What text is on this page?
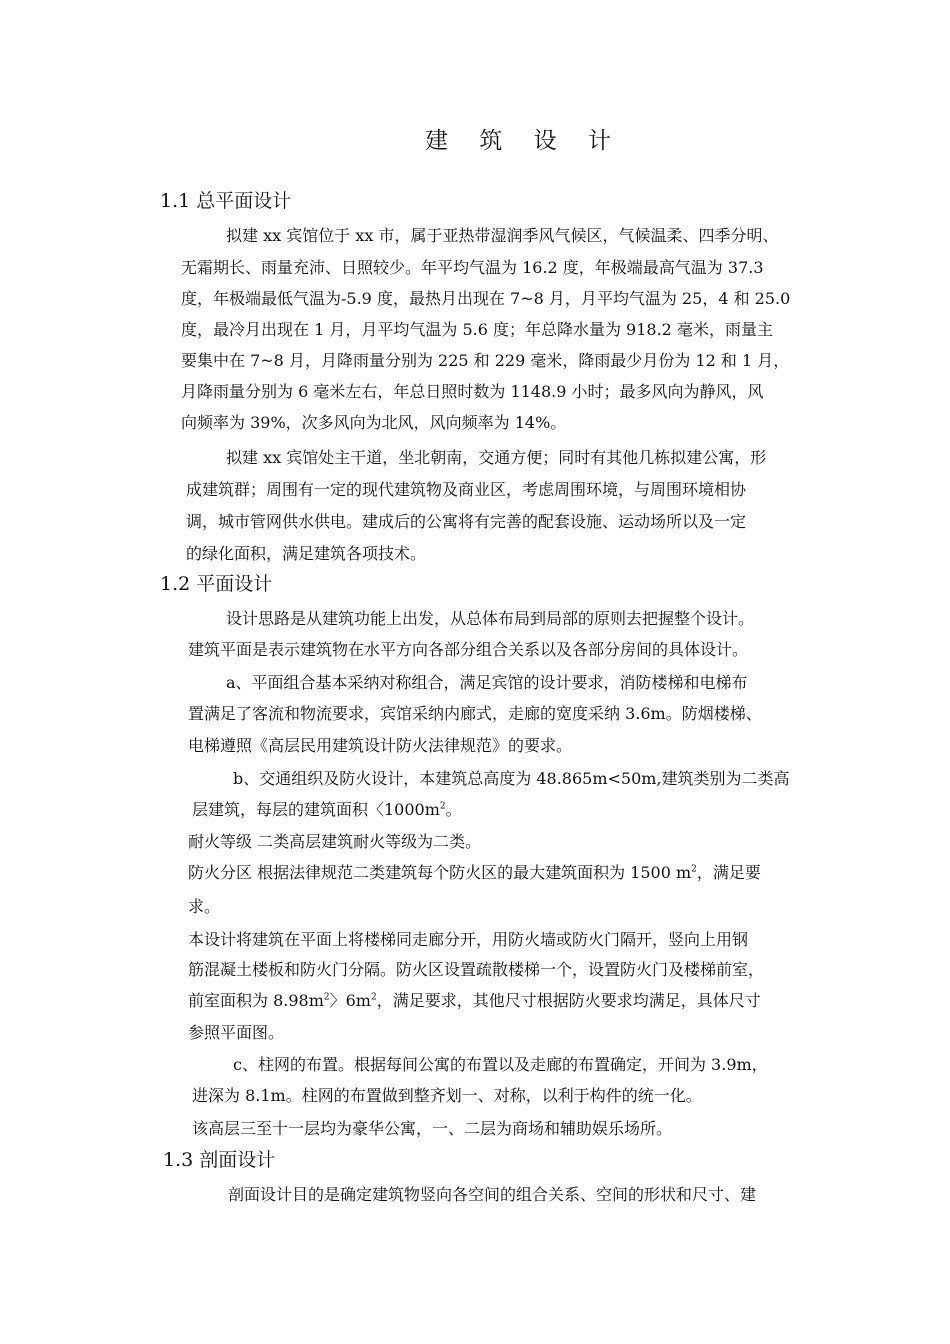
建 筑 设 计
1.1 总平面设计
拟建 xx 宾馆位于 xx 市，属于亚热带湿润季风气候区，气候温柔、四季分明、
无霜期长、雨量充沛、日照较少。年平均气温为 16.2 度，年极端最高气温为 37.3
度，年极端最低气温为-5.9 度，最热月出现在 7~8 月，月平均气温为 25，4 和 25.0
度，最冷月出现在 1 月，月平均气温为 5.6 度；年总降水量为 918.2 毫米，雨量主
要集中在 7~8 月，月降雨量分别为 225 和 229 毫米，降雨最少月份为 12 和 1 月，
月降雨量分别为 6 毫米左右，年总日照时数为 1148.9 小时；最多风向为静风，风
向频率为 39%，次多风向为北风，风向频率为 14%。
拟建 xx 宾馆处主干道，坐北朝南，交通方便；同时有其他几栋拟建公寓，形
成建筑群；周围有一定的现代建筑物及商业区，考虑周围环境，与周围环境相协
调，城市管网供水供电。建成后的公寓将有完善的配套设施、运动场所以及一定
的绿化面积，满足建筑各项技术。
1.2 平面设计
设计思路是从建筑功能上出发，从总体布局到局部的原则去把握整个设计。
建筑平面是表示建筑物在水平方向各部分组合关系以及各部分房间的具体设计。
a、平面组合基本采纳对称组合，满足宾馆的设计要求，消防楼梯和电梯布
置满足了客流和物流要求，宾馆采纳内廊式，走廊的宽度采纳 3.6m。防烟楼梯、
电梯遵照《高层民用建筑设计防火法律规范》的要求。
b、交通组织及防火设计，本建筑总高度为 48.865m<50m,建筑类别为二类高
层建筑，每层的建筑面积〈$1000m^2$。
耐火等级 二类高层建筑耐火等级为二类。
防火分区 根据法律规范二类建筑每个防火区的最大建筑面积为 1500 $m^2$，满足要
求。
本设计将建筑在平面上将楼梯同走廊分开，用防火墙或防火门隔开，竖向上用钢
筋混凝土楼板和防火门分隔。防火区设置疏散楼梯一个，设置防火门及楼梯前室，
前室面积为 $8.98m^2$〉$6m^2$，满足要求，其他尺寸根据防火要求均满足，具体尺寸
参照平面图。
c、柱网的布置。根据每间公寓的布置以及走廊的布置确定，开间为 3.9m，
进深为 8.1m。柱网的布置做到整齐划一、对称，以利于构件的统一化。
该高层三至十一层均为豪华公寓，一、二层为商场和辅助娱乐场所。
1.3 剖面设计
剖面设计目的是确定建筑物竖向各空间的组合关系、空间的形状和尺寸、建
